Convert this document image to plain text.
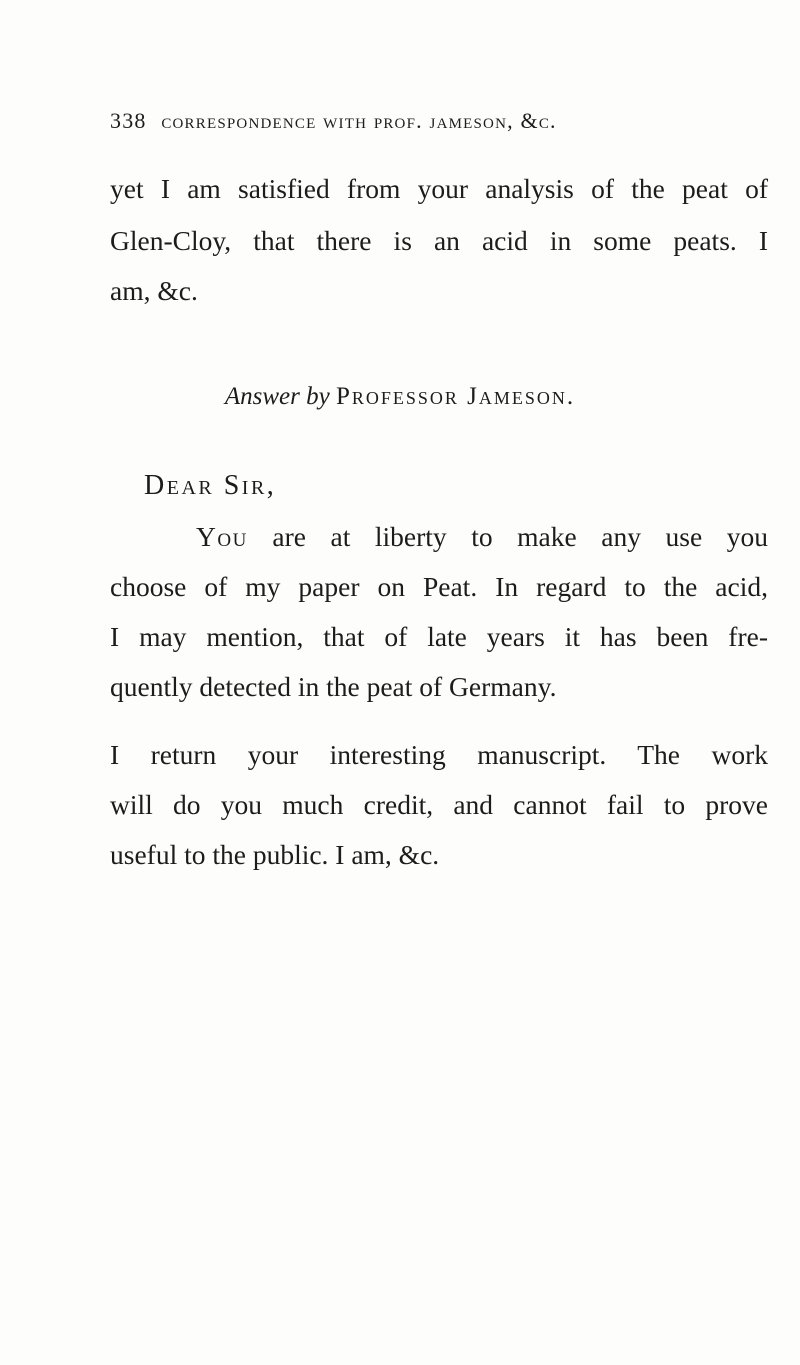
338 correspondence with prof. jameson, &c.
yet I am satisfied from your analysis of the peat of
Glen-Cloy, that there is an acid in some peats. I
am, &c.
Answer by Professor Jameson.
Dear Sir,
You are at liberty to make any use you
choose of my paper on Peat. In regard to the acid,
I may mention, that of late years it has been fre-
quently detected in the peat of Germany.
I return your interesting manuscript. The work
will do you much credit, and cannot fail to prove
useful to the public. I am, &c.
